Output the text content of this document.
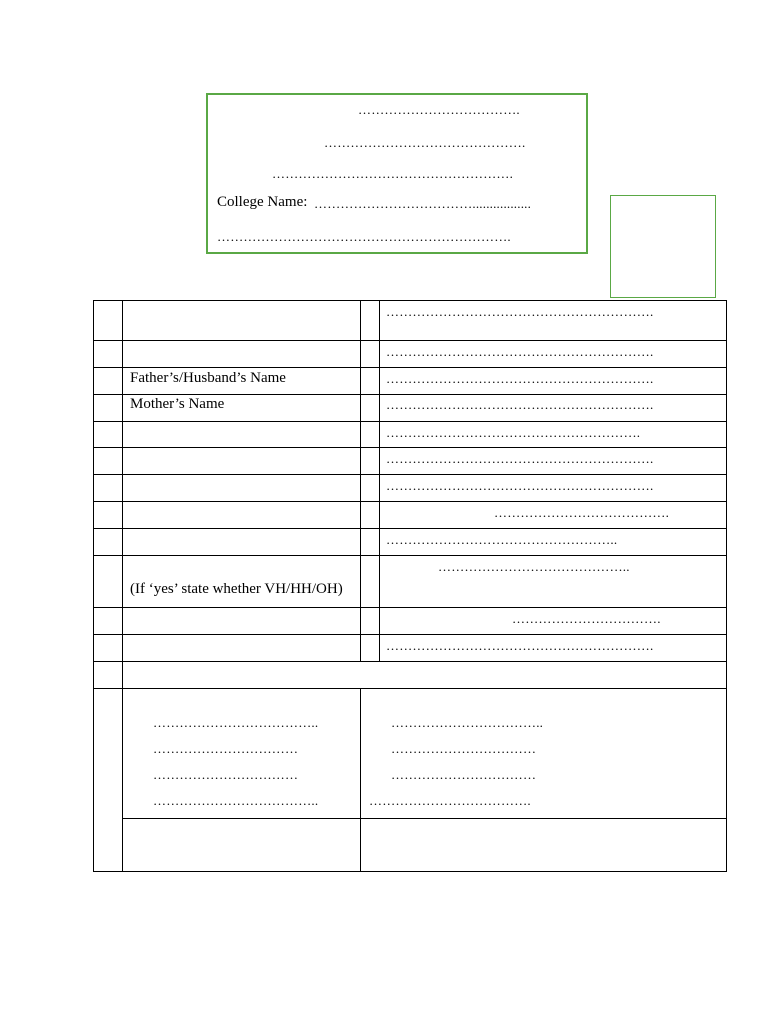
……………………………….
……………………………………….
……………………………………………….
College Name: ……………………………….................
………………………………………………………….
Father’s/Husband’s Name
Mother’s Name
(If ‘yes’ state whether VH/HH/OH)
…………………………………………………….
…………………………………………………….
…………………………………………………….
…………………………………………………….
………………………………………………….
…………………………………………………….
…………………………………………………….
………………………………….
……………………………………………..
……………………………………..
…………………………….
…………………………………………………….
………………………………..
……………………………
……………………………
………………………………..
……………………………..
……………………………
……………………………
……………………………….
